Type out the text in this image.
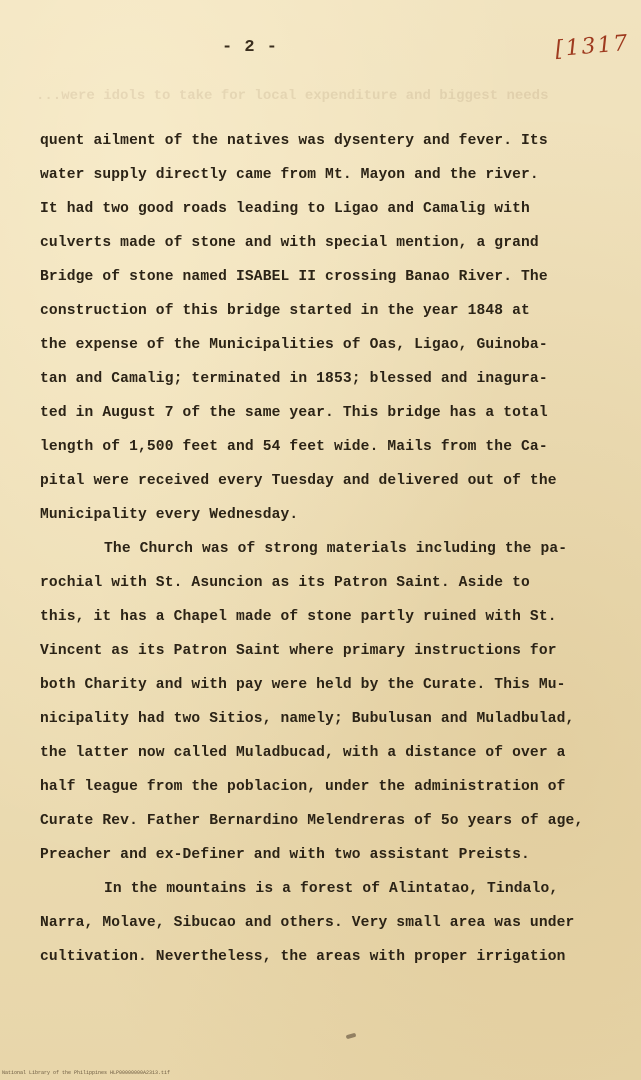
- 2 -	[1317
...were idols to take for local expenditure and biggest needs
quent ailment of the natives was dysentery and fever. Its
water supply directly came from Mt. Mayon and the river.
It had two good roads leading to Ligao and Camalig with
culverts made of stone and with special mention, a grand
Bridge of stone named ISABEL II crossing Banao River. The
construction of this bridge started in the year 1848 at
the expense of the Municipalities of Oas, Ligao, Guinoba-
tan and Camalig; terminated in 1853; blessed and inagura-
ted in August 7 of the same year. This bridge has a total
length of 1,500 feet and 54 feet wide. Mails from the Ca-
pital were received every Tuesday and delivered out of the
Municipality every Wednesday.
The Church was of strong materials including the pa-
rochial with St. Asuncion as its Patron Saint. Aside to
this, it has a Chapel made of stone partly ruined with St.
Vincent as its Patron Saint where primary instructions for
both Charity and with pay were held by the Curate. This Mu-
nicipality had two Sitios, namely; Bubulusan and Muladbulad,
the latter now called Muladbucad, with a distance of over a
half league from the poblacion, under the administration of
Curate Rev. Father Bernardino Melendreras of 5o years of age,
Preacher and ex-Definer and with two assistant Preists.
In the mountains is a forest of Alintatao, Tindalo,
Narra, Molave, Sibucao and others. Very small area was under
cultivation. Nevertheless, the areas with proper irrigation
National Library of the Philippines HLP00000000A2313.tif
